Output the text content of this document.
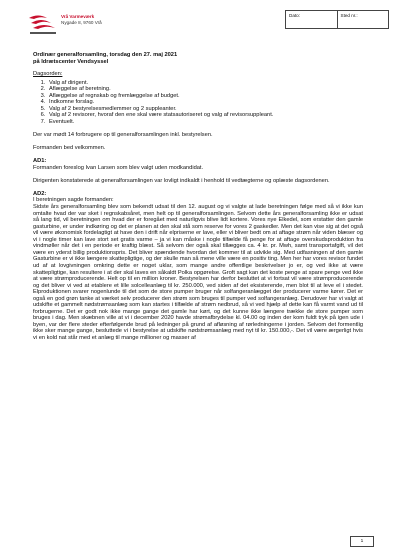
Vrå Varmeværk
Nygade 8, 9760 Vrå
Dato:	Sted nr.:

Ordinær generalforsamling, torsdag den 27. maj 2021

på Idrætscenter Vendsyssel

Dagsorden:

1. Valg af dirigent.
2. Aflæggelse af beretning.
3. Aflæggelse af regnskab og fremlæggelse af budget.
4. Indkomne forslag.
5. Valg af 2 bestyrelsesmedlemmer og 2 suppleanter.
6. Valg af 2 revisorer, hvoraf den ene skal være statsautoriseret og valg af revisorsuppleant.
7. Eventuelt.

Der var mødt 14 forbrugere op til generalforsamlingen inkl. bestyrelsen.

Formanden bed velkommen.

AD1:

Formanden foreslog Ivan Larsen som blev valgt uden modkandidat.

Dirigenten konstaterede at generalforsamlingen var lovligt indkaldt i henhold til vedtægterne og oplæste dagsordenen.

AD2:

I beretningen sagde formanden:

Sidste års generalforsamling blev som bekendt udsat til den 12. august og vi valgte at lade beretningen følge med så vi ikke kun omtalte hvad der var sket i regnskabsåret, men helt op til generalforsamlingen. Selvom dette års generalforsamling ikke er udsat så lang tid, vil beretningen om hvad der er foregået med naturligvis blive lidt kortere. Vores nye Elkedel, som erstatter den gamle gasturbine, er under indkøring og det er planen at den skal stå som reserve for vores 2 gaskedler. Men det kan vise sig at det også vil være økonomisk fordelagtigt at have den i drift når elpriserne er lave, eller vi bliver bedt om at aftage strøm når viden blæser og vi i nogle timer kan lave stort set gratis varme – ja vi kan måske i nogle tilfælde få penge for at aftage overskudsproduktion fra vindmøller når det i en periode er kraftig blæst. Så selvom der også skal tillægges ca. 4 kr. pr. Mwh, samt transportafgift, vil det være en yderst billig produktionspris. Det bliver spændende hvordan det kommer til at udvikle sig. Med udfasningen af den gamle Gasturbine er vi ikke længere skattepligtige, og der skulle man så mene ville være en positiv ting. Men her har vores revisor fundet ud af at lovgivningen omkring dette er noget uklar, som mange andre offentlige beskrivelser jo er, og ved ikke at være skattepligtige, kan resultere i at der skal laves en såkaldt Polka opgørelse. Groft sagt kan det koste penge at spare penge ved ikke at være strømproducerende. Helt op til en million kroner. Bestyrelsen har derfor besluttet at vi fortsat vil være strømproducerende og det bliver vi ved at etablere et lille solcelleanlæg til kr. 250.000, ved siden af det eksisterende, men blot til at leve el i stedet. Elproduktionen svarer nogenlunde til det som de store pumper bruger når solfangeranlægget der producerer varme kører. Det er også en god grøn tanke at værket selv producerer den strøm som bruges til pumper ved solfangeranlæg. Derudover har vi valgt at udskifte et gammelt nødstrømsanlæg som kan startes i tilfælde af strøm nedbrud, så vi ved hjælp af dette kan få varmt vand ud til forbrugerne. Det er godt nok ikke mange gange det gamle har kørt, og det kunne ikke længere trække de store pumper som bruges i dag. Men skæbnen ville at vi i december 2020 havde strømafbrydelse kl. 04.00 og inden der kom fuldt tryk på igen ude i byen, var der flere steder efterfølgende brud på ledninger på grund af afløsning af rørledningerne i jorden. Selvom det formentlig ikke sker mange gange, besluttede vi i bestyrelse at udskifte nødstrømsanlæg med nyt til kr. 150.000,-. Det vil være ærgerligt hvis vi en kold nat står med et anlæg til mange millioner og masser af

1
